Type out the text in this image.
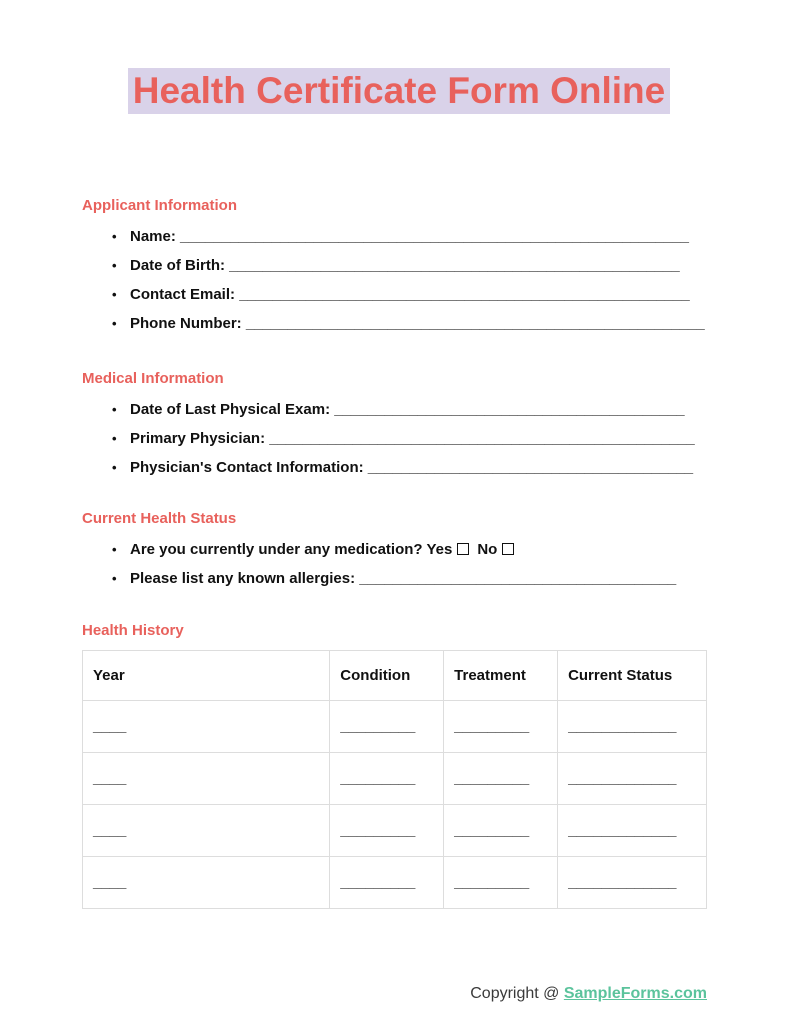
Health Certificate Form Online
Applicant Information
• Name: _____________________________________________________________
• Date of Birth: ______________________________________________________
• Contact Email: ______________________________________________________
• Phone Number: _______________________________________________________
Medical Information
• Date of Last Physical Exam: __________________________________________
• Primary Physician: ___________________________________________________
• Physician's Contact Information: _______________________________________
Current Health Status
• Are you currently under any medication? Yes No
• Please list any known allergies: ______________________________________
Health History
Year	Condition	Treatment	Current Status
____	_________	_________	_____________
____	_________	_________	_____________
____	_________	_________	_____________
____	_________	_________	_____________
Copyright @ SampleForms.com
